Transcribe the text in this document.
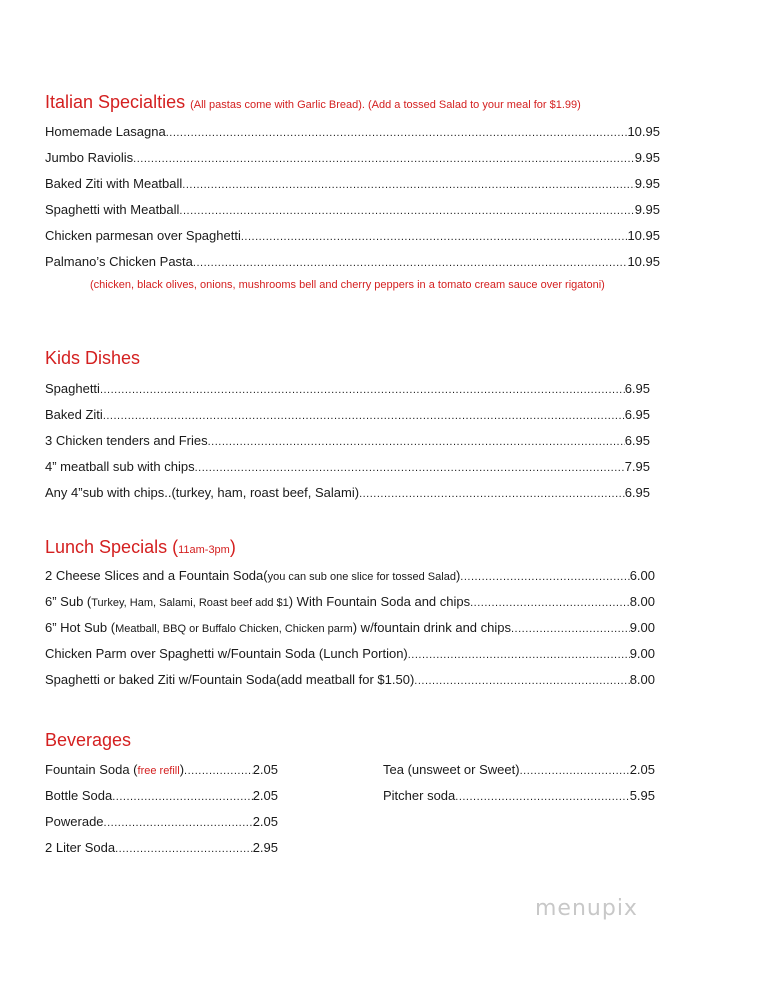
Italian Specialties (All pastas come with Garlic Bread). (Add a tossed Salad to your meal for $1.99)
Homemade Lasagna .....	10.95
Jumbo Raviolis .....	9.95
Baked Ziti with Meatball .....	9.95
Spaghetti with Meatball .....	9.95
Chicken parmesan over Spaghetti .....	10.95
Palmano’s Chicken Pasta .....	10.95
(chicken, black olives, onions, mushrooms bell and cherry peppers in a tomato cream sauce over rigatoni)
Kids Dishes
Spaghetti .....	6.95
Baked Ziti .....	6.95
3 Chicken tenders and Fries .....	6.95
4” meatball sub with chips .....	7.95
Any 4”sub with chips..(turkey, ham, roast beef, Salami) .....	6.95
Lunch Specials (11am-3pm)
2 Cheese Slices and a Fountain Soda(you can sub one slice for tossed Salad) .....	6.00
6” Sub (Turkey, Ham, Salami, Roast beef add $1) With Fountain Soda and chips .....	8.00
6” Hot Sub (Meatball, BBQ or Buffalo Chicken, Chicken parm) w/fountain drink and chips .....	9.00
Chicken Parm over Spaghetti w/Fountain Soda (Lunch Portion) .....	9.00
Spaghetti or baked Ziti w/Fountain Soda(add meatball for $1.50) .....	8.00
Beverages
Fountain Soda (free refill) .....	2.05
Bottle Soda .....	2.05
Powerade .....	2.05
2 Liter Soda .....	2.95
Tea (unsweet or Sweet) .....	2.05
Pitcher soda .....	5.95
menupix
